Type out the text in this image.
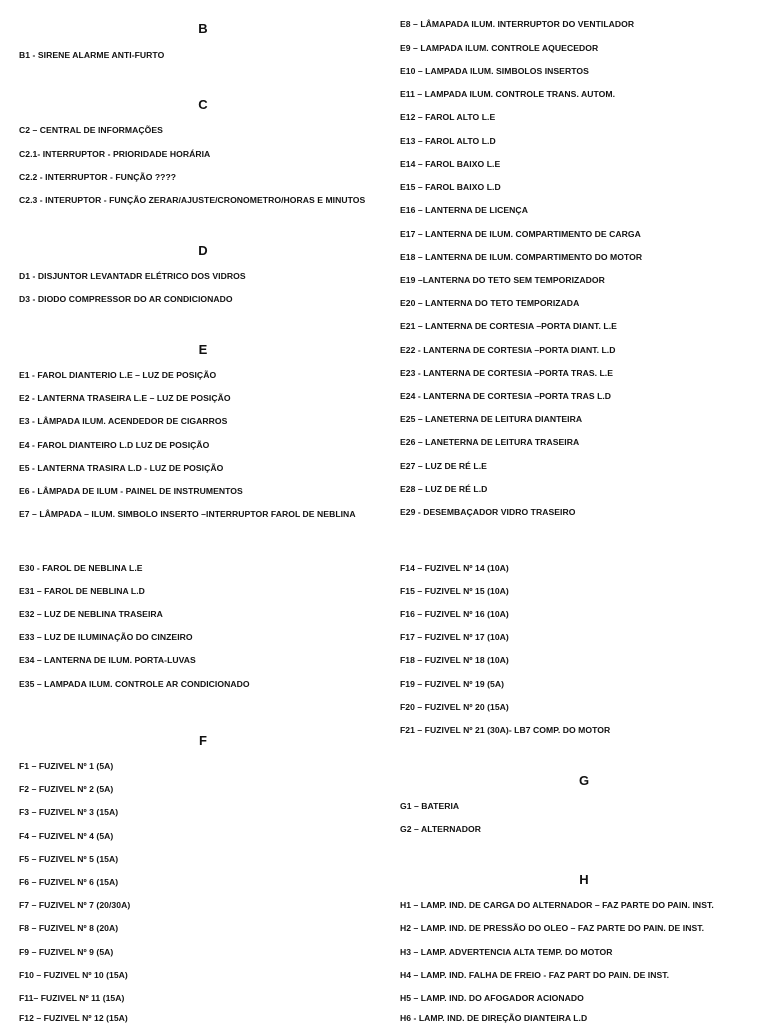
B
B1 - SIRENE ALARME ANTI-FURTO
C
C2 – CENTRAL DE INFORMAÇÕES
C2.1- INTERRUPTOR - PRIORIDADE HORÁRIA
C2.2 - INTERRUPTOR - FUNÇÃO ????
C2.3 - INTERUPTOR - FUNÇÃO ZERAR/AJUSTE/CRONOMETRO/HORAS E MINUTOS
D
D1 - DISJUNTOR LEVANTADR ELÉTRICO DOS VIDROS
D3 - DIODO COMPRESSOR DO AR CONDICIONADO
E
E1 - FAROL DIANTERIO L.E – LUZ DE POSIÇÃO
E2 - LANTERNA TRASEIRA L.E – LUZ DE POSIÇÃO
E3 - LÂMPADA ILUM. ACENDEDOR DE CIGARROS
E4 - FAROL DIANTEIRO L.D LUZ DE POSIÇÃO
E5 - LANTERNA TRASIRA L.D - LUZ DE POSIÇÃO
E6 - LÂMPADA DE ILUM - PAINEL DE INSTRUMENTOS
E7 – LÂMPADA – ILUM. SIMBOLO INSERTO –INTERRUPTOR FAROL DE NEBLINA
E8 – LÂMAPADA ILUM. INTERRUPTOR DO VENTILADOR
E9 – LAMPADA ILUM. CONTROLE AQUECEDOR
E10 – LAMPADA ILUM. SIMBOLOS INSERTOS
E11 – LAMPADA ILUM. CONTROLE TRANS. AUTOM.
E12 – FAROL ALTO L.E
E13 – FAROL ALTO L.D
E14 – FAROL BAIXO L.E
E15 – FAROL BAIXO L.D
E16 – LANTERNA DE LICENÇA
E17 – LANTERNA DE ILUM. COMPARTIMENTO DE CARGA
E18 – LANTERNA DE ILUM. COMPARTIMENTO DO MOTOR
E19 –LANTERNA DO TETO SEM TEMPORIZADOR
E20 – LANTERNA DO TETO TEMPORIZADA
E21 – LANTERNA DE CORTESIA –PORTA DIANT. L.E
E22 - LANTERNA DE CORTESIA –PORTA DIANT. L.D
E23 - LANTERNA DE CORTESIA –PORTA TRAS. L.E
E24 - LANTERNA DE CORTESIA –PORTA TRAS L.D
E25 – LANETERNA DE LEITURA DIANTEIRA
E26 – LANETERNA DE LEITURA TRASEIRA
E27 – LUZ DE RÉ L.E
E28 – LUZ DE RÉ L.D
E29 - DESEMBAÇADOR VIDRO TRASEIRO
E30 - FAROL DE NEBLINA L.E
E31 – FAROL DE NEBLINA L.D
E32 – LUZ DE NEBLINA TRASEIRA
E33 – LUZ DE ILUMINAÇÃO DO CINZEIRO
E34 – LANTERNA DE ILUM. PORTA-LUVAS
E35 – LAMPADA ILUM. CONTROLE AR CONDICIONADO
F
F1 – FUZIVEL Nº 1 (5A)
F2 – FUZIVEL Nº 2 (5A)
F3 – FUZIVEL Nº 3 (15A)
F4 – FUZIVEL Nº 4 (5A)
F5 – FUZIVEL Nº 5 (15A)
F6 – FUZIVEL Nº 6 (15A)
F7 – FUZIVEL Nº 7 (20/30A)
F8 – FUZIVEL Nº 8 (20A)
F9 – FUZIVEL Nº 9 (5A)
F10 – FUZIVEL Nº 10 (15A)
F11– FUZIVEL Nº 11 (15A)
F12 – FUZIVEL Nº 12 (15A)
F14 – FUZIVEL Nº 14 (10A)
F15 – FUZIVEL Nº 15 (10A)
F16 – FUZIVEL Nº 16 (10A)
F17 – FUZIVEL Nº 17 (10A)
F18 – FUZIVEL Nº 18 (10A)
F19 – FUZIVEL Nº 19 (5A)
F20 – FUZIVEL Nº 20 (15A)
F21 – FUZIVEL Nº 21 (30A)- LB7 COMP. DO MOTOR
G
G1 – BATERIA
G2 – ALTERNADOR
H
H1 – LAMP. IND. DE CARGA DO ALTERNADOR – FAZ PARTE DO PAIN. INST.
H2 – LAMP. IND. DE PRESSÃO DO OLEO – FAZ PARTE DO PAIN. DE INST.
H3 – LAMP. ADVERTENCIA ALTA TEMP. DO MOTOR
H4 – LAMP. IND. FALHA DE FREIO - FAZ PART DO PAIN. DE INST.
H5 – LAMP. IND. DO AFOGADOR ACIONADO
H6 - LAMP. IND. DE DIREÇÃO DIANTEIRA L.D
